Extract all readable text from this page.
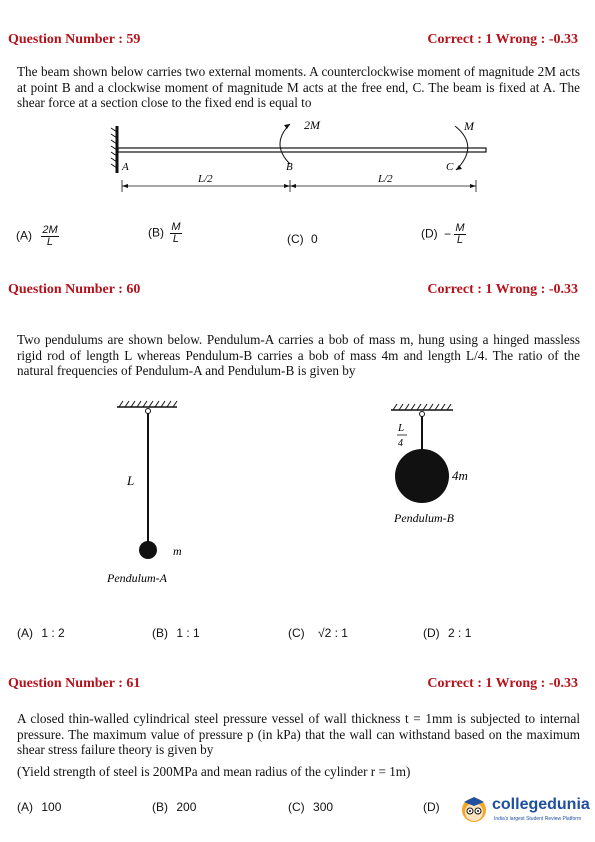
Question Number : 59	Correct : 1 Wrong : -0.33
The beam shown below carries two external moments. A counterclockwise moment of magnitude 2M acts at point B and a clockwise moment of magnitude M acts at the free end, C. The beam is fixed at A. The shear force at a section close to the fixed end is equal to
A	B	C
2M	M
L/2	L/2
$(A) \frac{2M}{L}$	$(B) \frac{M}{L}$	(C) 0	$(D) - \frac{M}{L}$
Question Number : 60	Correct : 1 Wrong : -0.33
Two pendulums are shown below. Pendulum-A carries a bob of mass m, hung using a hinged massless rigid rod of length L whereas Pendulum-B carries a bob of mass 4m and length L/4. The ratio of the natural frequencies of Pendulum-A and Pendulum-B is given by
L
m
Pendulum-A
L
4
4m
Pendulum-B
(A) 1 : 2	(B) 1 : 1	(C) √2 : 1	(D) 2 : 1
Question Number : 61	Correct : 1 Wrong : -0.33
A closed thin-walled cylindrical steel pressure vessel of wall thickness t = 1mm is subjected to internal pressure. The maximum value of pressure p (in kPa) that the wall can withstand based on the maximum shear stress failure theory is given by
(Yield strength of steel is 200MPa and mean radius of the cylinder r = 1m)
(A) 100	(B) 200	(C) 300	(D)	collegedunia
India's largest Student Review Platform
